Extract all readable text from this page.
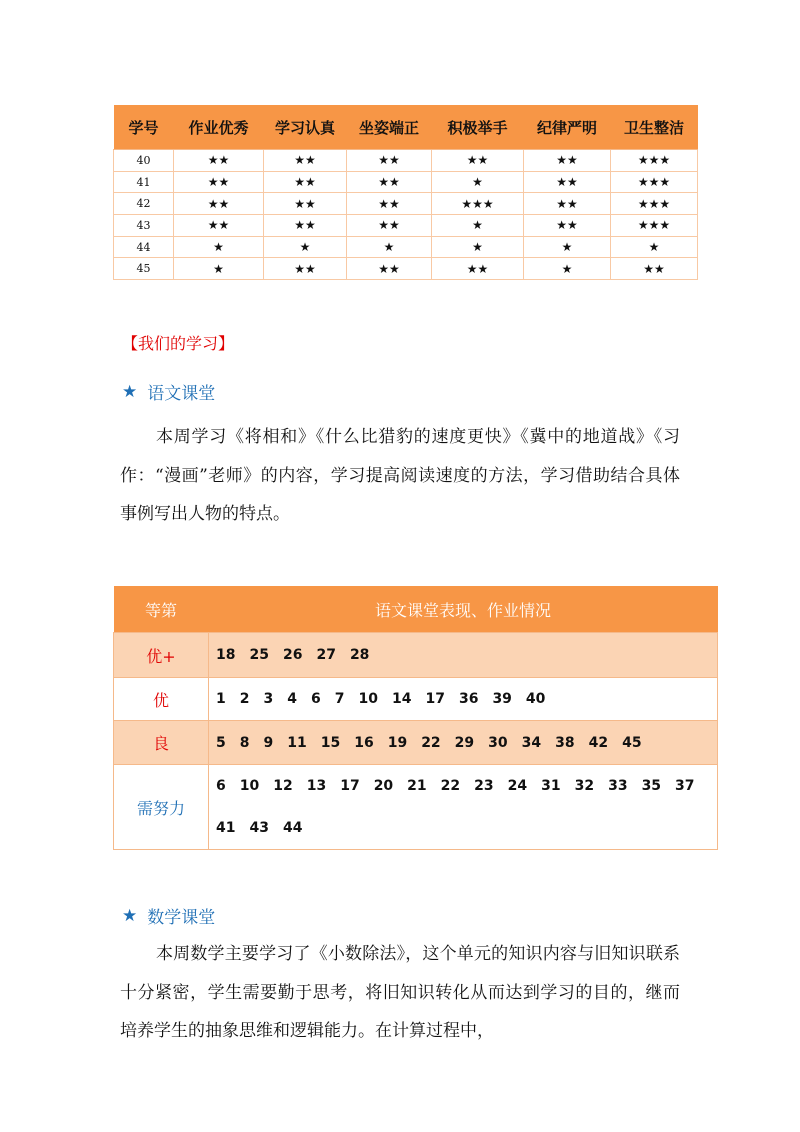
学号	作业优秀	学习认真	坐姿端正	积极举手	纪律严明	卫生整洁
40	★★	★★	★★	★★	★★	★★★
41	★★	★★	★★	★	★★	★★★
42	★★	★★	★★	★★★	★★	★★★
43	★★	★★	★★	★	★★	★★★
44	★	★	★	★	★	★
45	★	★★	★★	★★	★	★★
【我们的学习】
★ 语文课堂
本周学习《将相和》《什么比猎豹的速度更快》《冀中的地道战》《习作：“漫画”老师》的内容，学习提高阅读速度的方法，学习借助结合具体事例写出人物的特点。
等第	语文课堂表现、作业情况
优+	18 25 26 27 28
优	1 2 3 4 6 7 10 14 17 36 39 40
良	5 8 9 11 15 16 19 22 29 30 34 38 42 45
需努力	6 10 12 13 17 20 21 22 23 24 31 32 33 35 3741 43 44
★ 数学课堂
本周数学主要学习了《小数除法》，这个单元的知识内容与旧知识联系十分紧密，学生需要勤于思考，将旧知识转化从而达到学习的目的，继而培养学生的抽象思维和逻辑能力。在计算过程中，
